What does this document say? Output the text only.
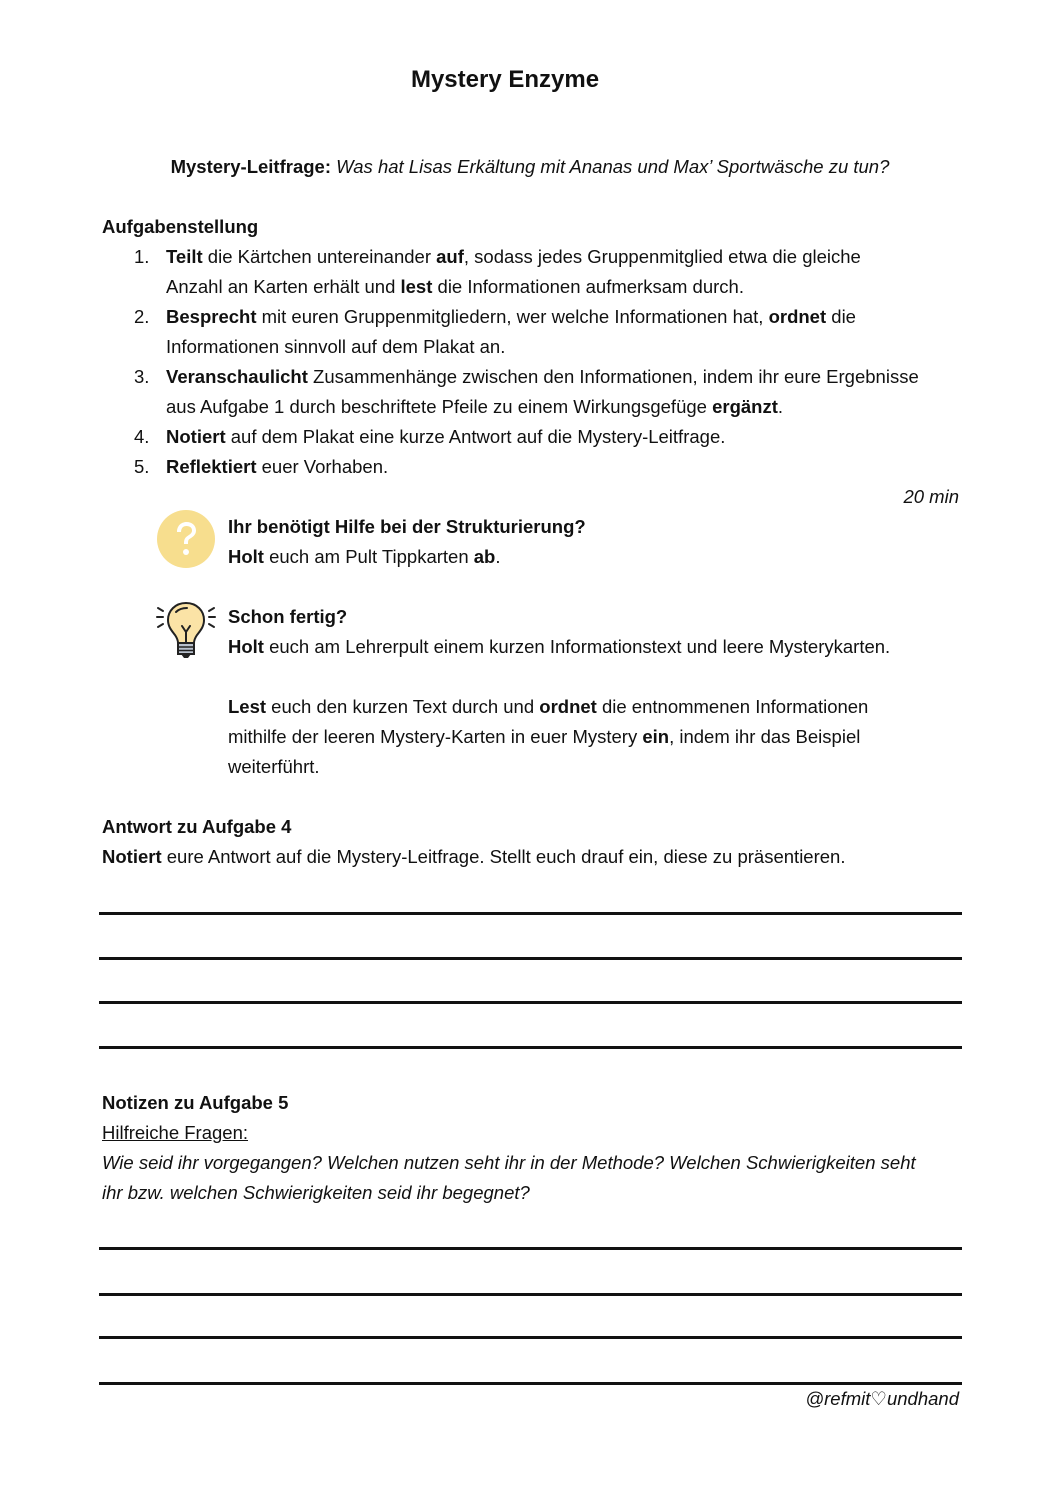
Mystery Enzyme
Mystery-Leitfrage: Was hat Lisas Erkältung mit Ananas und Max’ Sportwäsche zu tun?
Aufgabenstellung
1. Teilt die Kärtchen untereinander auf, sodass jedes Gruppenmitglied etwa die gleiche
Anzahl an Karten erhält und lest die Informationen aufmerksam durch.
2. Besprecht mit euren Gruppenmitgliedern, wer welche Informationen hat, ordnet die
Informationen sinnvoll auf dem Plakat an.
3. Veranschaulicht Zusammenhänge zwischen den Informationen, indem ihr eure Ergebnisse
aus Aufgabe 1 durch beschriftete Pfeile zu einem Wirkungsgefüge ergänzt.
4. Notiert auf dem Plakat eine kurze Antwort auf die Mystery-Leitfrage.
5. Reflektiert euer Vorhaben.
20 min
Ihr benötigt Hilfe bei der Strukturierung?
Holt euch am Pult Tippkarten ab.
Schon fertig?
Holt euch am Lehrerpult einem kurzen Informationstext und leere Mysterykarten.
Lest euch den kurzen Text durch und ordnet die entnommenen Informationen
mithilfe der leeren Mystery-Karten in euer Mystery ein, indem ihr das Beispiel
weiterführt.
Antwort zu Aufgabe 4
Notiert eure Antwort auf die Mystery-Leitfrage. Stellt euch drauf ein, diese zu präsentieren.
Notizen zu Aufgabe 5
Hilfreiche Fragen:
Wie seid ihr vorgegangen? Welchen nutzen seht ihr in der Methode? Welchen Schwierigkeiten seht
ihr bzw. welchen Schwierigkeiten seid ihr begegnet?
@refmit♡undhand
